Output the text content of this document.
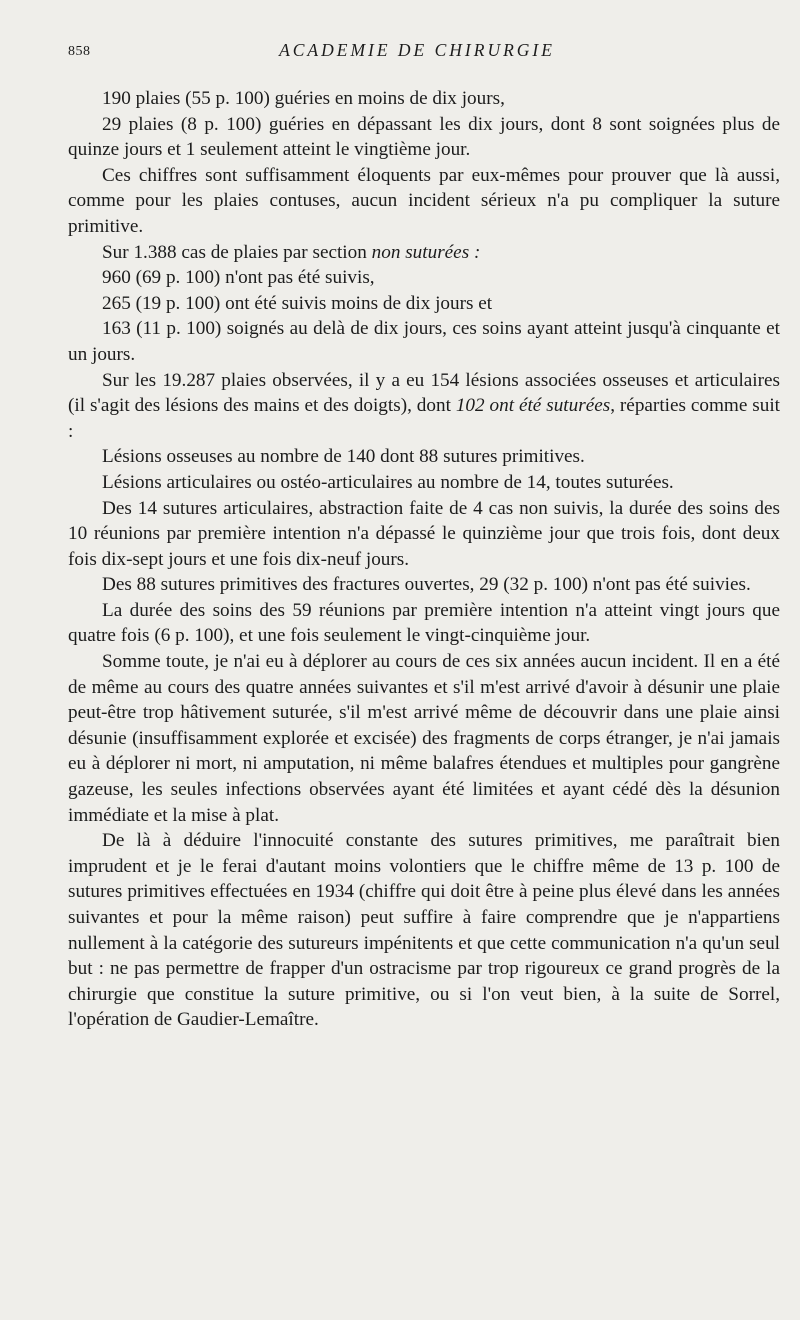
858	ACADEMIE DE CHIRURGIE

190 plaies (55 p. 100) guéries en moins de dix jours,

29 plaies (8 p. 100) guéries en dépassant les dix jours, dont 8 sont soignées plus de quinze jours et 1 seulement atteint le vingtième jour.

Ces chiffres sont suffisamment éloquents par eux-mêmes pour prouver que là aussi, comme pour les plaies contuses, aucun incident sérieux n'a pu compliquer la suture primitive.

Sur 1.388 cas de plaies par section non suturées :

960 (69 p. 100) n'ont pas été suivis,

265 (19 p. 100) ont été suivis moins de dix jours et

163 (11 p. 100) soignés au delà de dix jours, ces soins ayant atteint jusqu'à cinquante et un jours.

Sur les 19.287 plaies observées, il y a eu 154 lésions associées osseuses et articulaires (il s'agit des lésions des mains et des doigts), dont 102 ont été suturées, réparties comme suit :

Lésions osseuses au nombre de 140 dont 88 sutures primitives.

Lésions articulaires ou ostéo-articulaires au nombre de 14, toutes suturées.

Des 14 sutures articulaires, abstraction faite de 4 cas non suivis, la durée des soins des 10 réunions par première intention n'a dépassé le quinzième jour que trois fois, dont deux fois dix-sept jours et une fois dix-neuf jours.

Des 88 sutures primitives des fractures ouvertes, 29 (32 p. 100) n'ont pas été suivies.

La durée des soins des 59 réunions par première intention n'a atteint vingt jours que quatre fois (6 p. 100), et une fois seulement le vingt-cinquième jour.

Somme toute, je n'ai eu à déplorer au cours de ces six années aucun incident. Il en a été de même au cours des quatre années suivantes et s'il m'est arrivé d'avoir à désunir une plaie peut-être trop hâtivement suturée, s'il m'est arrivé même de découvrir dans une plaie ainsi désunie (insuffisamment explorée et excisée) des fragments de corps étranger, je n'ai jamais eu à déplorer ni mort, ni amputation, ni même balafres étendues et multiples pour gangrène gazeuse, les seules infections observées ayant été limitées et ayant cédé dès la désunion immédiate et la mise à plat.

De là à déduire l'innocuité constante des sutures primitives, me paraîtrait bien imprudent et je le ferai d'autant moins volontiers que le chiffre même de 13 p. 100 de sutures primitives effectuées en 1934 (chiffre qui doit être à peine plus élevé dans les années suivantes et pour la même raison) peut suffire à faire comprendre que je n'appartiens nullement à la catégorie des sutureurs impénitents et que cette communication n'a qu'un seul but : ne pas permettre de frapper d'un ostracisme par trop rigoureux ce grand progrès de la chirurgie que constitue la suture primitive, ou si l'on veut bien, à la suite de Sorrel, l'opération de Gaudier-Lemaître.
